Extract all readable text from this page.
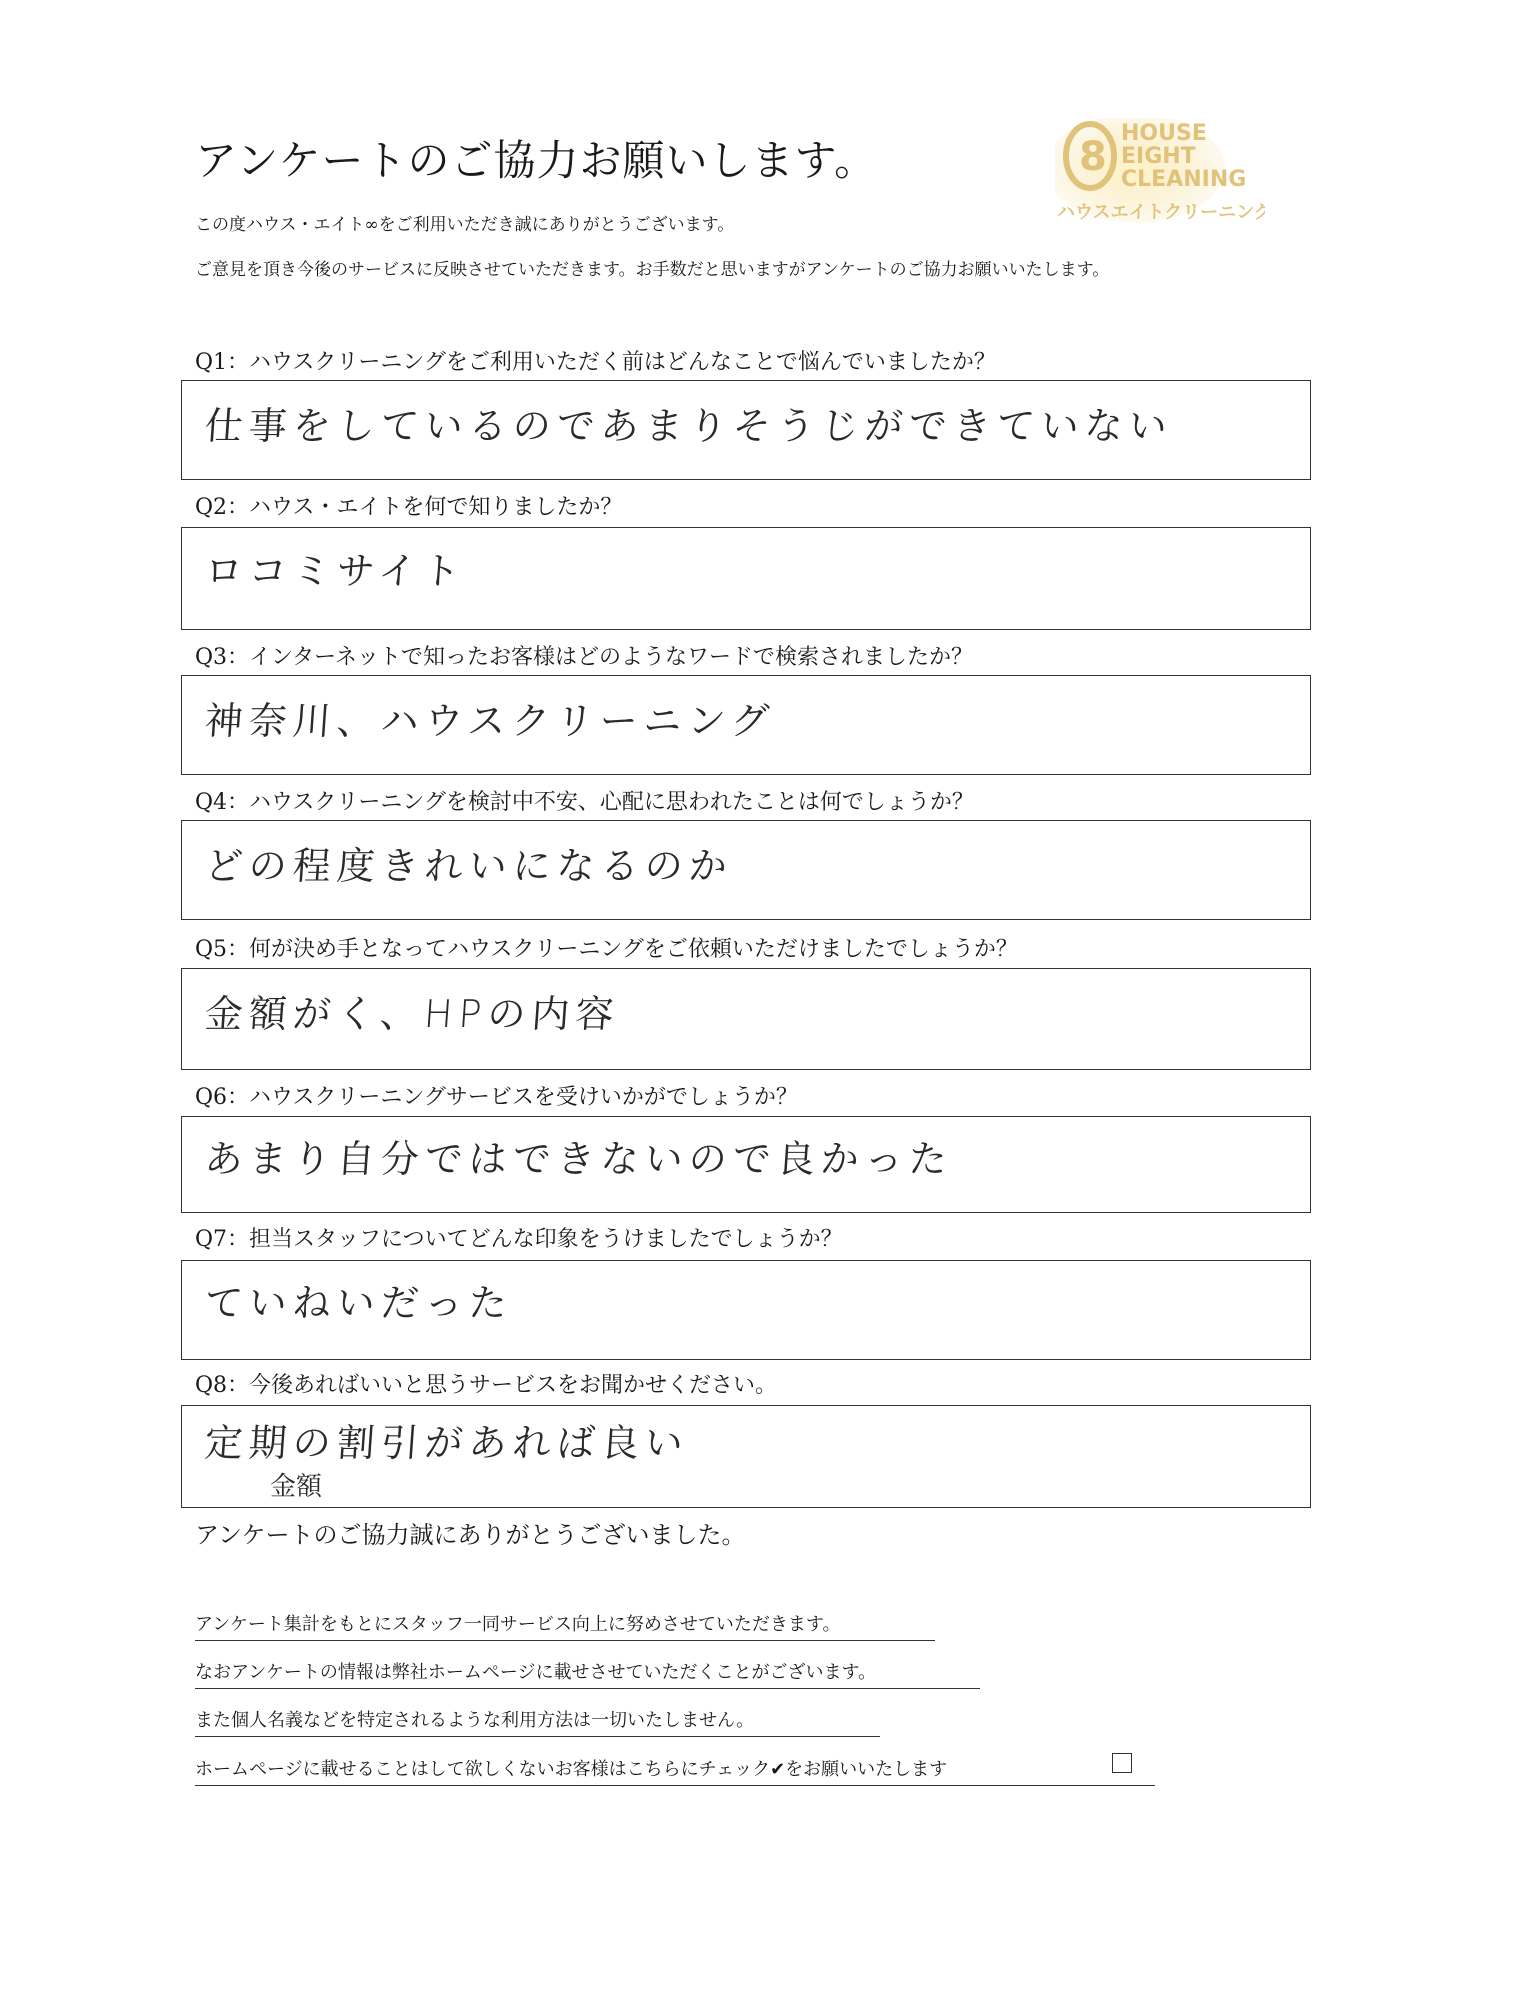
アンケートのご協力お願いします。
この度ハウス・エイト∞をご利用いただき誠にありがとうございます。
ご意見を頂き今後のサービスに反映させていただきます。お手数だと思いますがアンケートのご協力お願いいたします。
8
HOUSE
EIGHT
CLEANING
ハウスエイトクリーニング
Q1：ハウスクリーニングをご利用いただく前はどんなことで悩んでいましたか？
仕事をしているのであまりそうじができていない
Q2：ハウス・エイトを何で知りましたか？
ロコミサイト
Q3：インターネットで知ったお客様はどのようなワードで検索されましたか？
神奈川、ハウスクリーニング
Q4：ハウスクリーニングを検討中不安、心配に思われたことは何でしょうか？
どの程度きれいになるのか
Q5：何が決め手となってハウスクリーニングをご依頼いただけましたでしょうか？
金額がく、HPの内容
Q6：ハウスクリーニングサービスを受けいかがでしょうか？
あまり自分ではできないので良かった
Q7：担当スタッフについてどんな印象をうけましたでしょうか？
ていねいだった
Q8：今後あればいいと思うサービスをお聞かせください。
定期の割引があれば良い
金額
アンケートのご協力誠にありがとうございました。
アンケート集計をもとにスタッフ一同サービス向上に努めさせていただきます。
なおアンケートの情報は弊社ホームページに載せさせていただくことがございます。
また個人名義などを特定されるような利用方法は一切いたしません。
ホームページに載せることはして欲しくないお客様はこちらにチェック✔をお願いいたします
